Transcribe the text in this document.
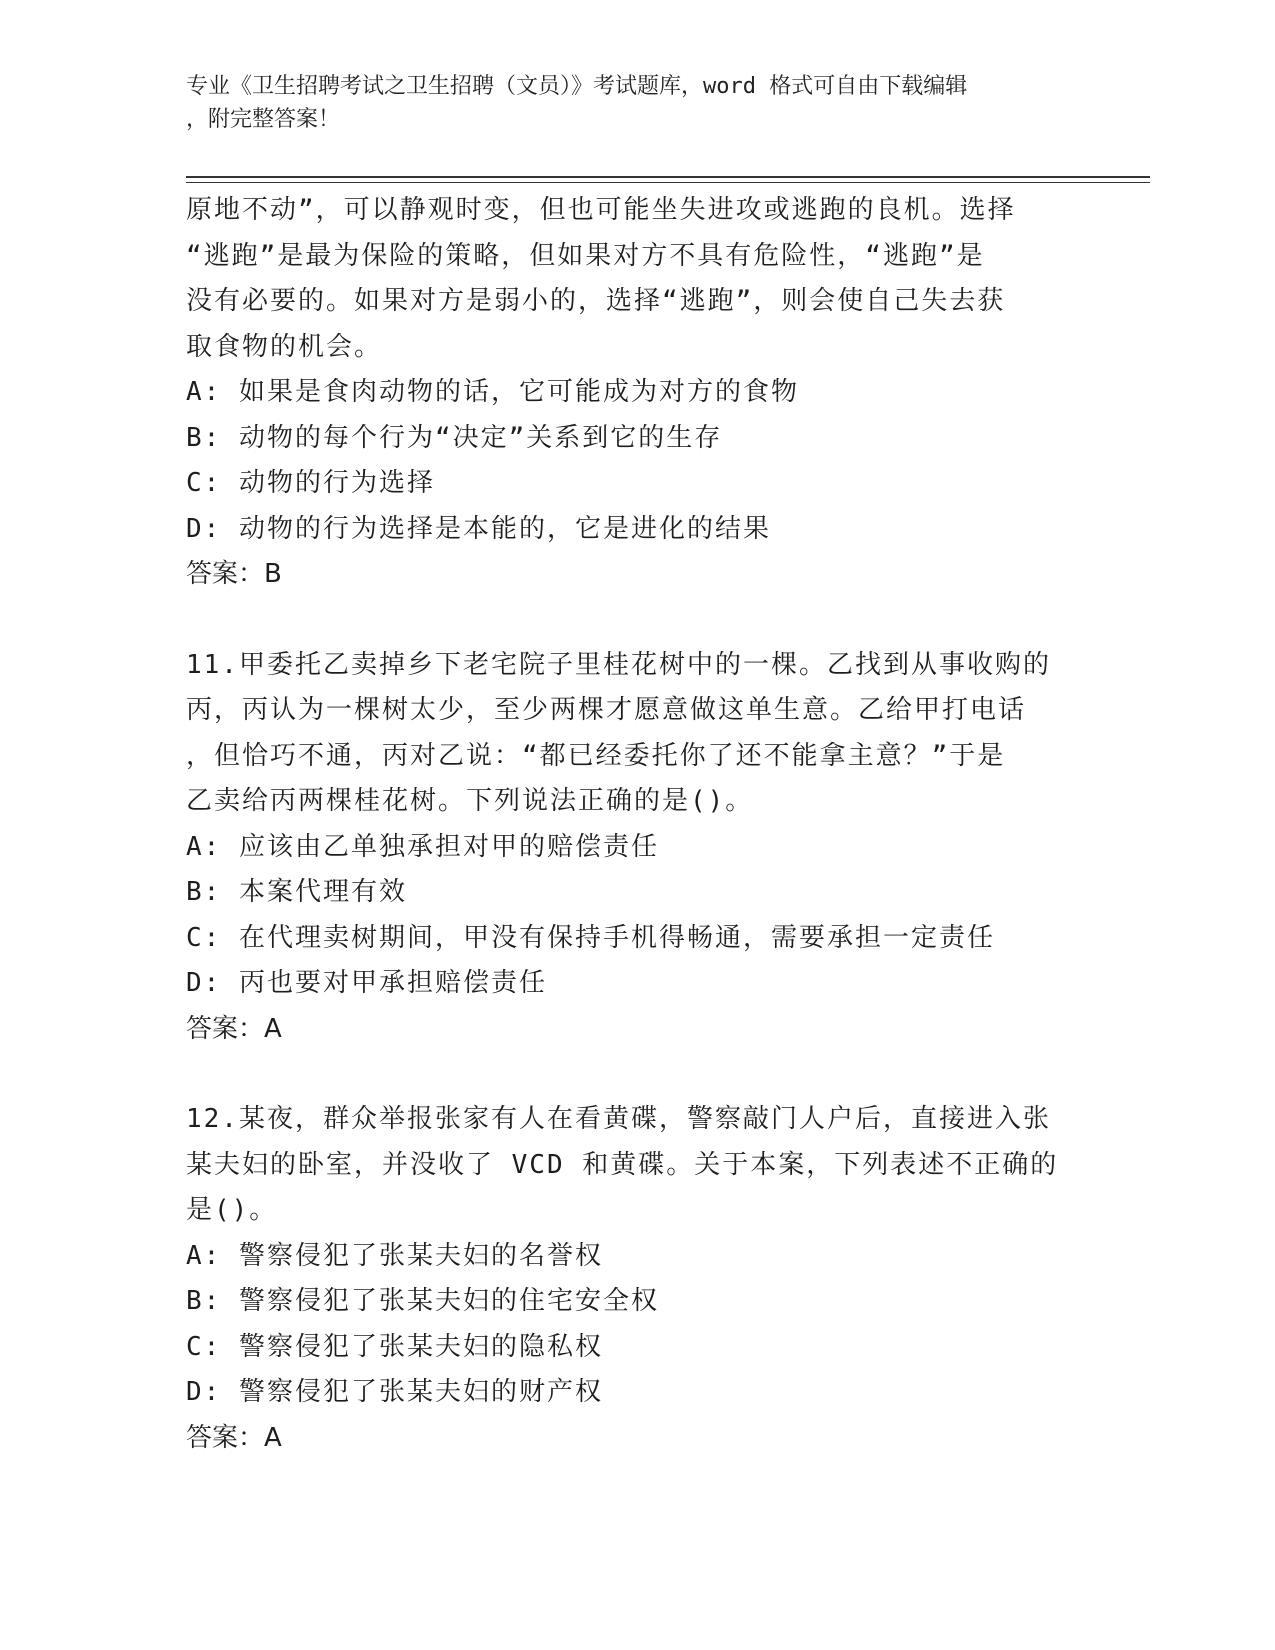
专业《卫生招聘考试之卫生招聘（文员）》考试题库，word 格式可自由下载编辑
，附完整答案！
原地不动”，可以静观时变，但也可能坐失进攻或逃跑的良机。选择
“逃跑”是最为保险的策略，但如果对方不具有危险性，“逃跑”是
没有必要的。如果对方是弱小的，选择“逃跑”，则会使自己失去获
取食物的机会。
A: 如果是食肉动物的话，它可能成为对方的食物
B: 动物的每个行为“决定”关系到它的生存
C: 动物的行为选择
D: 动物的行为选择是本能的，它是进化的结果
答案：B
11.甲委托乙卖掉乡下老宅院子里桂花树中的一棵。乙找到从事收购的
丙，丙认为一棵树太少，至少两棵才愿意做这单生意。乙给甲打电话
，但恰巧不通，丙对乙说：“都已经委托你了还不能拿主意？”于是
乙卖给丙两棵桂花树。下列说法正确的是()。
A: 应该由乙单独承担对甲的赔偿责任
B: 本案代理有效
C: 在代理卖树期间，甲没有保持手机得畅通，需要承担一定责任
D: 丙也要对甲承担赔偿责任
答案：A
12.某夜，群众举报张家有人在看黄碟，警察敲门人户后，直接进入张
某夫妇的卧室，并没收了 VCD 和黄碟。关于本案，下列表述不正确的
是()。
A: 警察侵犯了张某夫妇的名誉权
B: 警察侵犯了张某夫妇的住宅安全权
C: 警察侵犯了张某夫妇的隐私权
D: 警察侵犯了张某夫妇的财产权
答案：A
